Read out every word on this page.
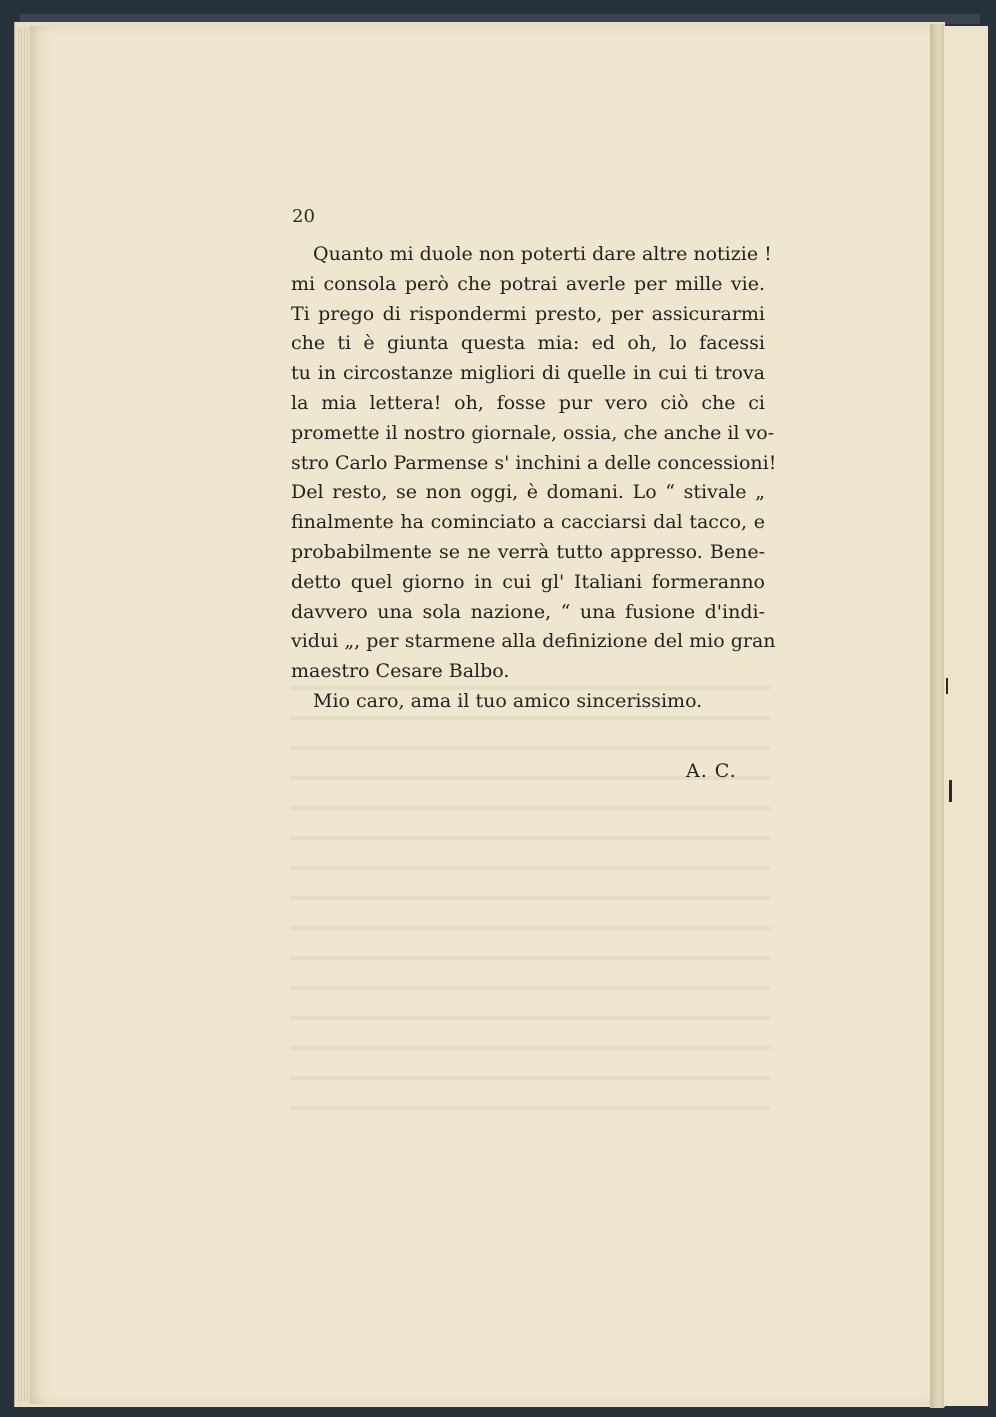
20
Quanto mi duole non poterti dare altre notizie !
mi consola però che potrai averle per mille vie.
Ti prego di rispondermi presto, per assicurarmi
che ti è giunta questa mia: ed oh, lo facessi
tu in circostanze migliori di quelle in cui ti trova
la mia lettera! oh, fosse pur vero ciò che ci
promette il nostro giornale, ossia, che anche il vo-
stro Carlo Parmense s' inchini a delle concessioni!
Del resto, se non oggi, è domani. Lo “ stivale „
finalmente ha cominciato a cacciarsi dal tacco, e
probabilmente se ne verrà tutto appresso. Bene-
detto quel giorno in cui gl' Italiani formeranno
davvero una sola nazione, “ una fusione d'indi-
vidui „, per starmene alla definizione del mio gran
maestro Cesare Balbo.
Mio caro, ama il tuo amico sincerissimo.
A. C.
